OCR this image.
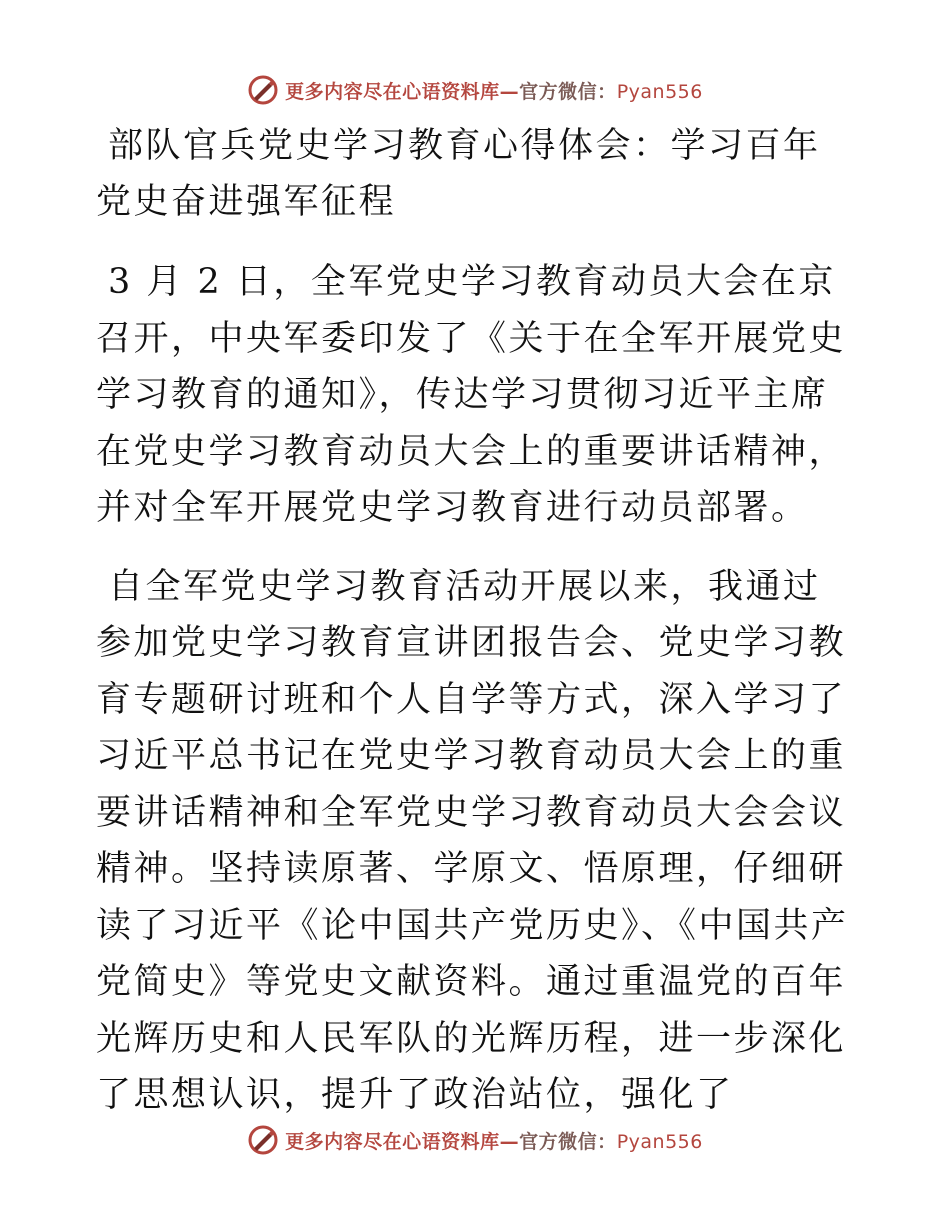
更多内容尽在心语资料库—官方微信：Pyan556
部队官兵党史学习教育心得体会：学习百年党史奋进强军征程

3 月 2 日，全军党史学习教育动员大会在京召开，中央军委印发了《关于在全军开展党史学习教育的通知》，传达学习贯彻习近平主席在党史学习教育动员大会上的重要讲话精神，并对全军开展党史学习教育进行动员部署。

自全军党史学习教育活动开展以来，我通过参加党史学习教育宣讲团报告会、党史学习教育专题研讨班和个人自学等方式，深入学习了习近平总书记在党史学习教育动员大会上的重要讲话精神和全军党史学习教育动员大会会议精神。坚持读原著、学原文、悟原理，仔细研读了习近平《论中国共产党历史》、《中国共产党简史》等党史文献资料。通过重温党的百年光辉历史和人民军队的光辉历程，进一步深化了思想认识，提升了政治站位，强化了

更多内容尽在心语资料库—官方微信：Pyan556
